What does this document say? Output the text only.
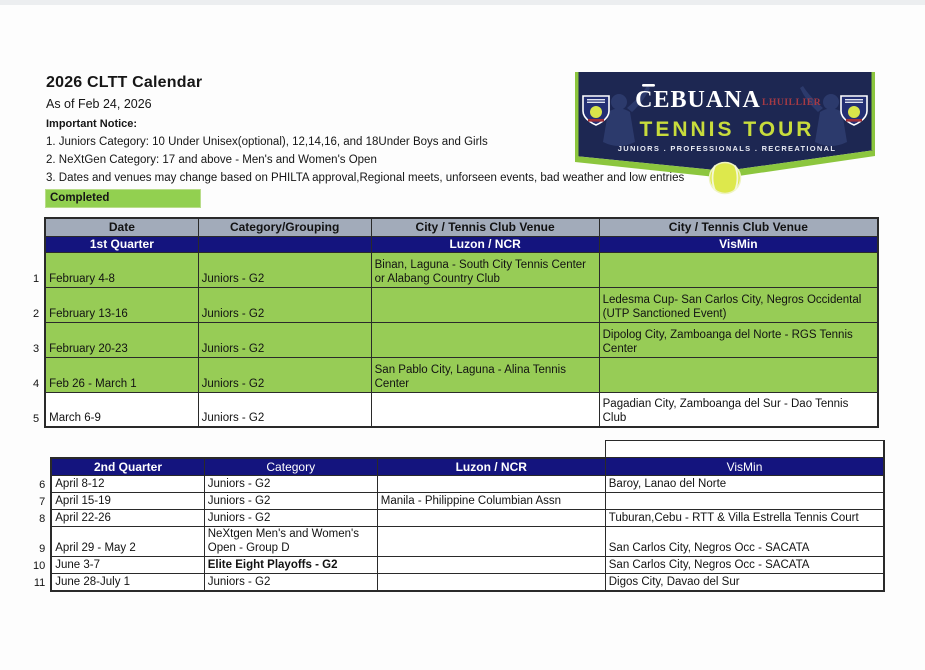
2026 CLTT Calendar
As of Feb 24, 2026
Important Notice:
1. Juniors Category: 10 Under Unisex(optional), 12,14,16, and 18Under Boys and Girls
2. NeXtGen Category: 17 and above - Men's and Women's Open
3. Dates and venues may change based on PHILTA approval,Regional meets, unforseen events, bad weather and low entries
Completed
CEBUANA LHUILLIER
TENNIS TOUR
JUNIORS . PROFESSIONALS . RECREATIONAL
	Date	Category/Grouping	City / Tennis Club Venue	City / Tennis Club Venue
	1st Quarter		Luzon / NCR	VisMin
1	February 4-8	Juniors - G2	Binan, Laguna - South City Tennis Center or Alabang Country Club	
2	February 13-16	Juniors - G2		Ledesma Cup- San Carlos City, Negros Occidental (UTP Sanctioned Event)
3	February 20-23	Juniors - G2		Dipolog City, Zamboanga del Norte - RGS Tennis Center
4	Feb 26 - March 1	Juniors - G2	San Pablo City, Laguna - Alina Tennis Center	
5	March 6-9	Juniors - G2		Pagadian City, Zamboanga del Sur - Dao Tennis Club

	2nd Quarter	Category	Luzon / NCR	VisMin
6	April 8-12	Juniors - G2		Baroy, Lanao del Norte
7	April 15-19	Juniors - G2	Manila - Philippine Columbian Assn	
8	April 22-26	Juniors - G2		Tuburan,Cebu - RTT & Villa Estrella Tennis Court
9	April 29 - May 2	NeXtgen Men's and Women's Open - Group D		San Carlos City, Negros Occ - SACATA
10	June 3-7	Elite Eight Playoffs - G2		San Carlos City, Negros Occ - SACATA
11	June 28-July 1	Juniors - G2		Digos City, Davao del Sur
